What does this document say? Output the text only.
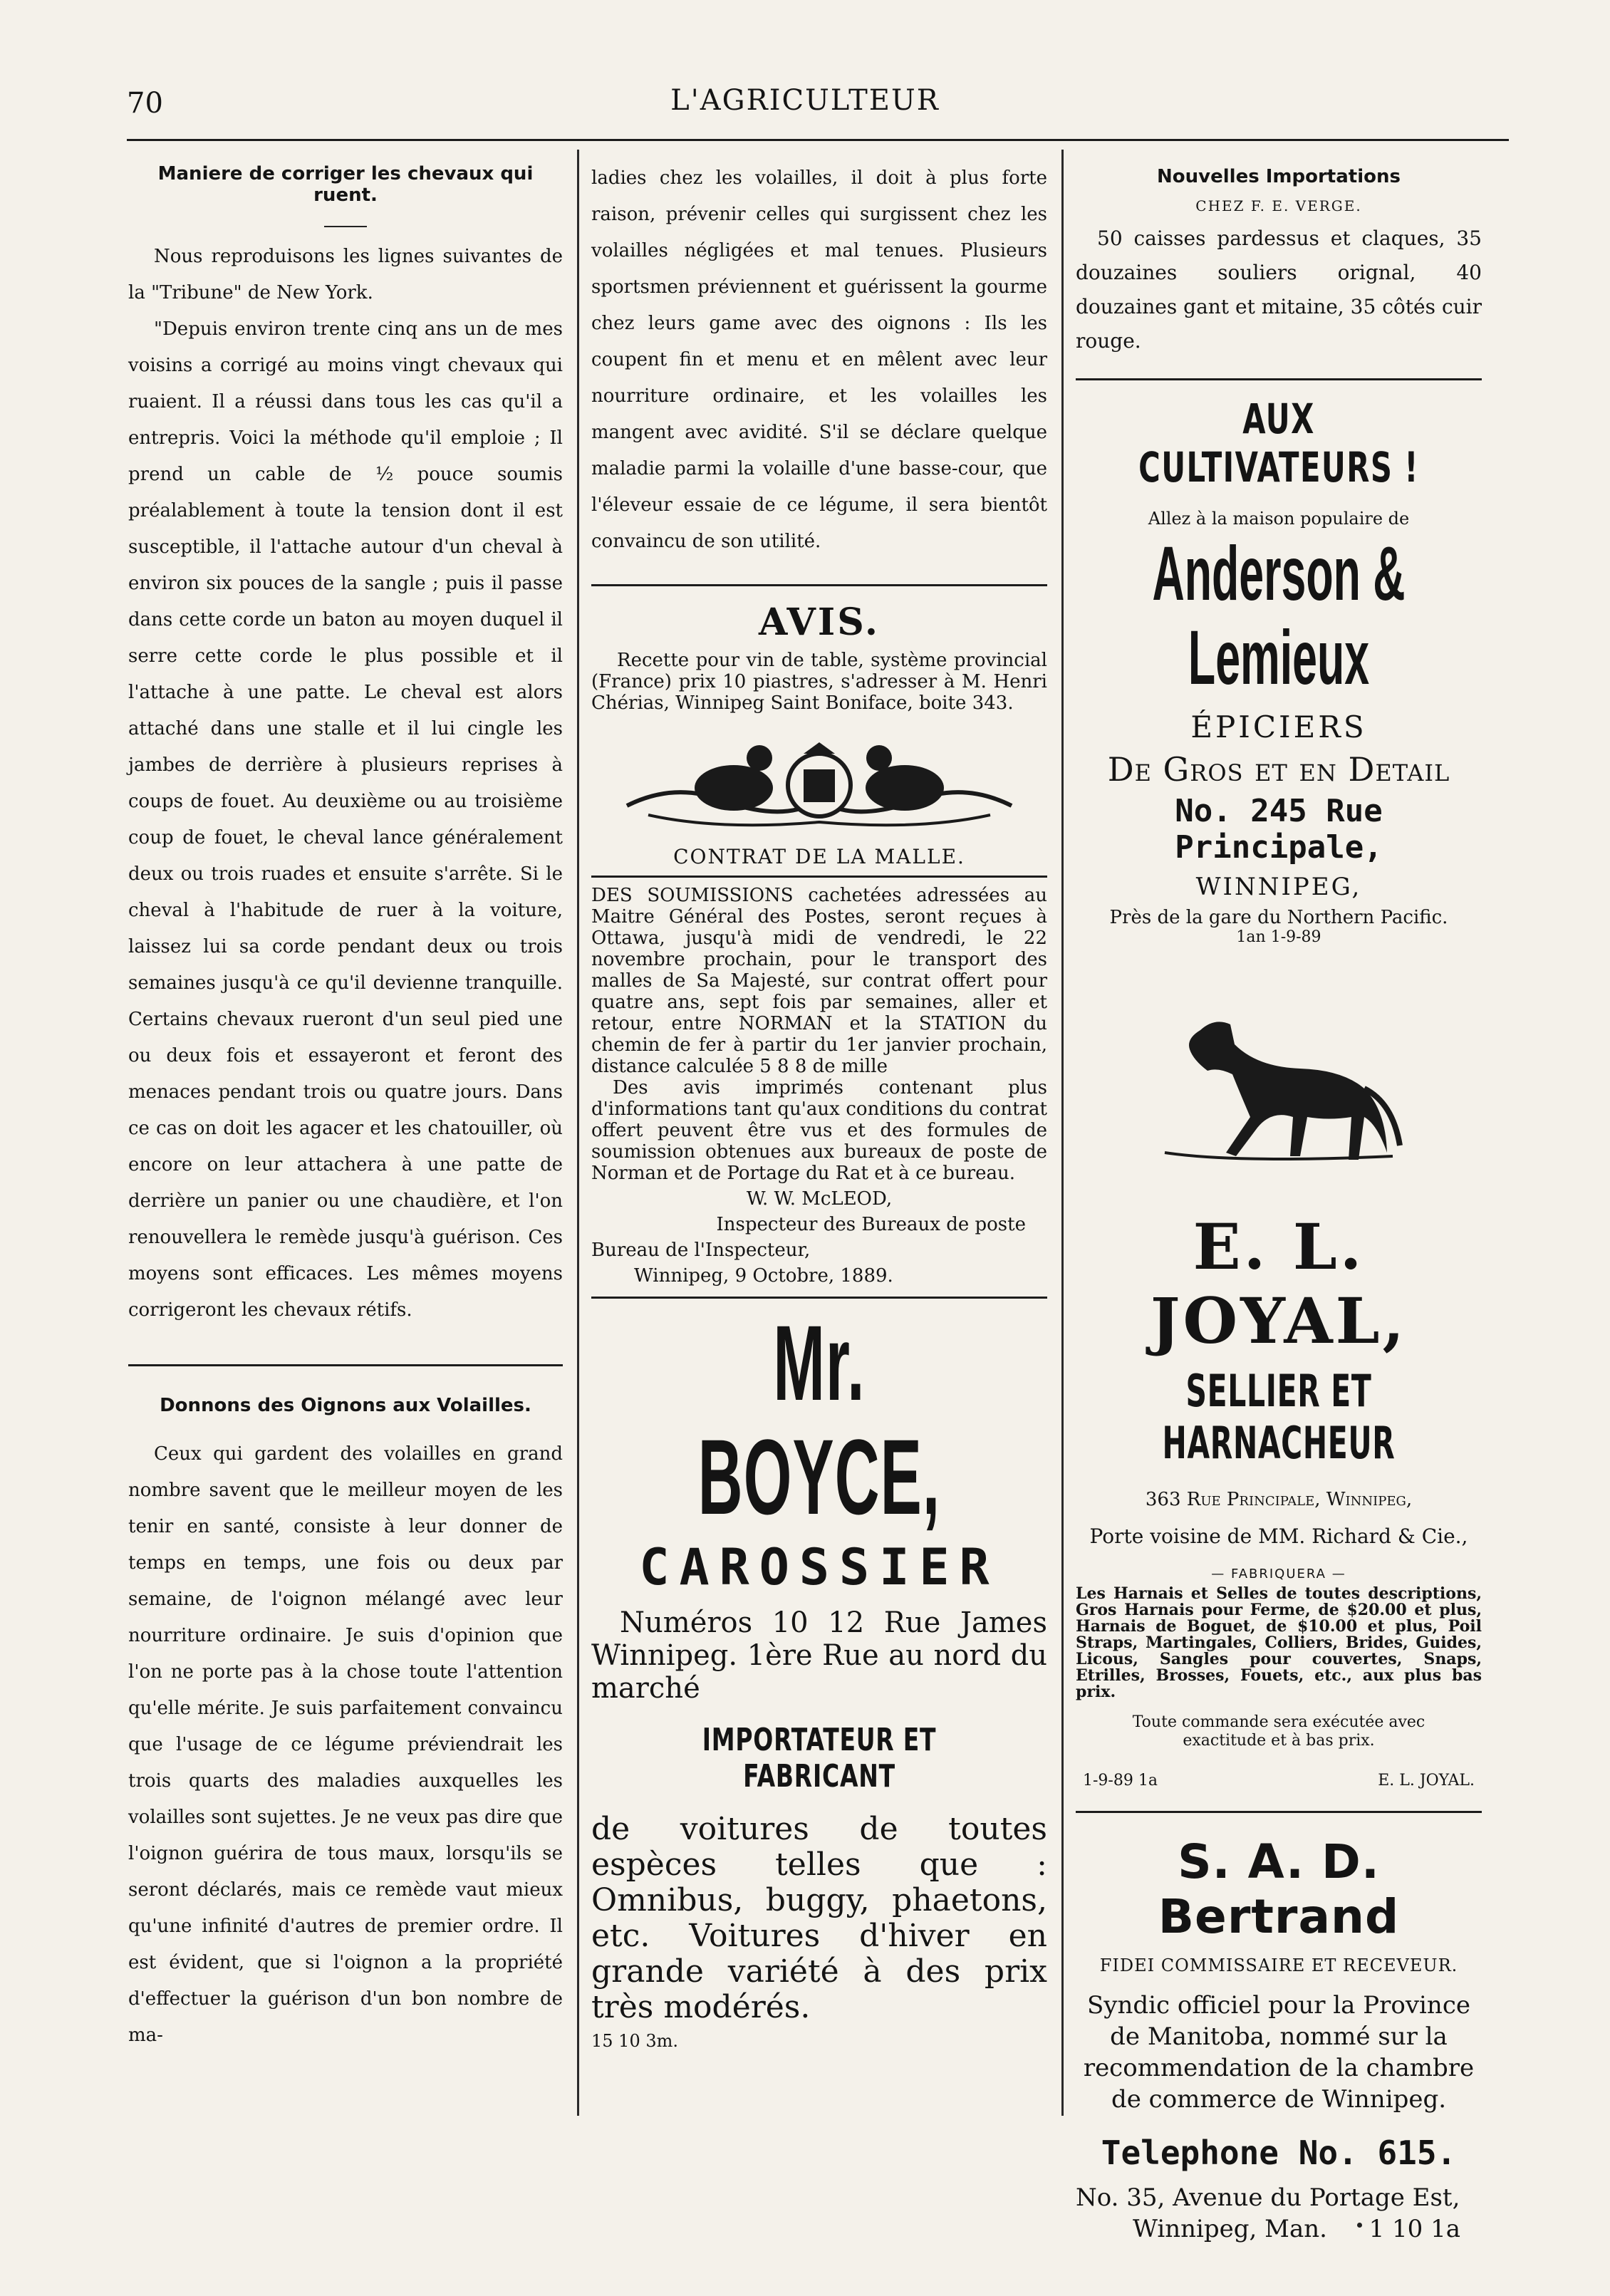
70	L'AGRICULTEUR
Maniere de corriger les chevaux qui ruent.

Nous reproduisons les lignes suivantes de la "Tribune" de New York.

"Depuis environ trente cinq ans un de mes voisins a corrigé au moins vingt chevaux qui ruaient. Il a réussi dans tous les cas qu'il a entrepris. Voici la méthode qu'il emploie ; Il prend un cable de ½ pouce soumis préalablement à toute la tension dont il est susceptible, il l'attache autour d'un cheval à environ six pouces de la sangle ; puis il passe dans cette corde un baton au moyen duquel il serre cette corde le plus possible et il l'attache à une patte. Le cheval est alors attaché dans une stalle et il lui cingle les jambes de derrière à plusieurs reprises à coups de fouet. Au deuxième ou au troisième coup de fouet, le cheval lance généralement deux ou trois ruades et ensuite s'arrête. Si le cheval à l'habitude de ruer à la voiture, laissez lui sa corde pendant deux ou trois semaines jusqu'à ce qu'il devienne tranquille. Certains chevaux rueront d'un seul pied une ou deux fois et essayeront et feront des menaces pendant trois ou quatre jours. Dans ce cas on doit les agacer et les chatouiller, où encore on leur attachera à une patte de derrière un panier ou une chaudière, et l'on renouvellera le remède jusqu'à guérison. Ces moyens sont efficaces. Les mêmes moyens corrigeront les chevaux rétifs.

Donnons des Oignons aux Volailles.

Ceux qui gardent des volailles en grand nombre savent que le meilleur moyen de les tenir en santé, consiste à leur donner de temps en temps, une fois ou deux par semaine, de l'oignon mélangé avec leur nourriture ordinaire. Je suis d'opinion que l'on ne porte pas à la chose toute l'attention qu'elle mérite. Je suis parfaitement convaincu que l'usage de ce légume préviendrait les trois quarts des maladies auxquelles les volailles sont sujettes. Je ne veux pas dire que l'oignon guérira de tous maux, lorsqu'ils se seront déclarés, mais ce remède vaut mieux qu'une infinité d'autres de premier ordre. Il est évident, que si l'oignon a la propriété d'effectuer la guérison d'un bon nombre de ma-

ladies chez les volailles, il doit à plus forte raison, prévenir celles qui surgissent chez les volailles négligées et mal tenues. Plusieurs sportsmen préviennent et guérissent la gourme chez leurs game avec des oignons : Ils les coupent fin et menu et en mêlent avec leur nourriture ordinaire, et les volailles les mangent avec avidité. S'il se déclare quelque maladie parmi la volaille d'une basse-cour, que l'éleveur essaie de ce légume, il sera bientôt convaincu de son utilité.

AVIS.

Recette pour vin de table, système provincial (France) prix 10 piastres, s'adresser à M. Henri Chérias, Winnipeg Saint Boniface, boite 343.

CONTRAT DE LA MALLE.

DES SOUMISSIONS cachetées adressées au Maitre Général des Postes, seront reçues à Ottawa, jusqu'à midi de vendredi, le 22 novembre prochain, pour le transport des malles de Sa Majesté, sur contrat offert pour quatre ans, sept fois par semaines, aller et retour, entre NORMAN et la STATION du chemin de fer à partir du 1er janvier prochain, distance calculée 5 8 8 de mille

Des avis imprimés contenant plus d'informations tant qu'aux conditions du contrat offert peuvent être vus et des formules de soumission obtenues aux bureaux de poste de Norman et de Portage du Rat et à ce bureau.

W. W. McLEOD,
Inspecteur des Bureaux de poste
Bureau de l'Inspecteur,
Winnipeg, 9 Octobre, 1889.
Mr. BOYCE,
CAROSSIER

Numéros 10 12 Rue James Winnipeg. 1ère Rue au nord du marché

IMPORTATEUR ET FABRICANT

de voitures de toutes espèces telles que : Omnibus, buggy, phaetons, etc. Voitures d'hiver en grande variété à des prix très modérés.

15 10 3m.
Nouvelles Importations
CHEZ F. E. VERGE.

50 caisses pardessus et claques, 35 douzaines souliers orignal, 40 douzaines gant et mitaine, 35 côtés cuir rouge.

AUX CULTIVATEURS !
Allez à la maison populaire de
Anderson & Lemieux
ÉPICIERS
De Gros et en Detail
No. 245 Rue Principale,
WINNIPEG,
Près de la gare du Northern Pacific.
1an 1-9-89
E. L. JOYAL,
SELLIER ET HARNACHEUR
363 Rue Principale, Winnipeg,
Porte voisine de MM. Richard & Cie.,
— FABRIQUERA —

Les Harnais et Selles de toutes descriptions, Gros Harnais pour Ferme, de $20.00 et plus, Harnais de Boguet, de $10.00 et plus, Poil Straps, Martingales, Colliers, Brides, Guides, Licous, Sangles pour couvertes, Snaps, Etrilles, Brosses, Fouets, etc., aux plus bas prix.

Toute commande sera exécutée avec exactitude et à bas prix.
1-9-89 1a	E. L. JOYAL.
S. A. D. Bertrand
FIDEI COMMISSAIRE ET RECEVEUR.
Syndic officiel pour la Province de Manitoba, nommé sur la recommendation de la chambre de commerce de Winnipeg.
Telephone No. 615.
No. 35, Avenue du Portage Est,
Winnipeg, Man. 1 10 1a
